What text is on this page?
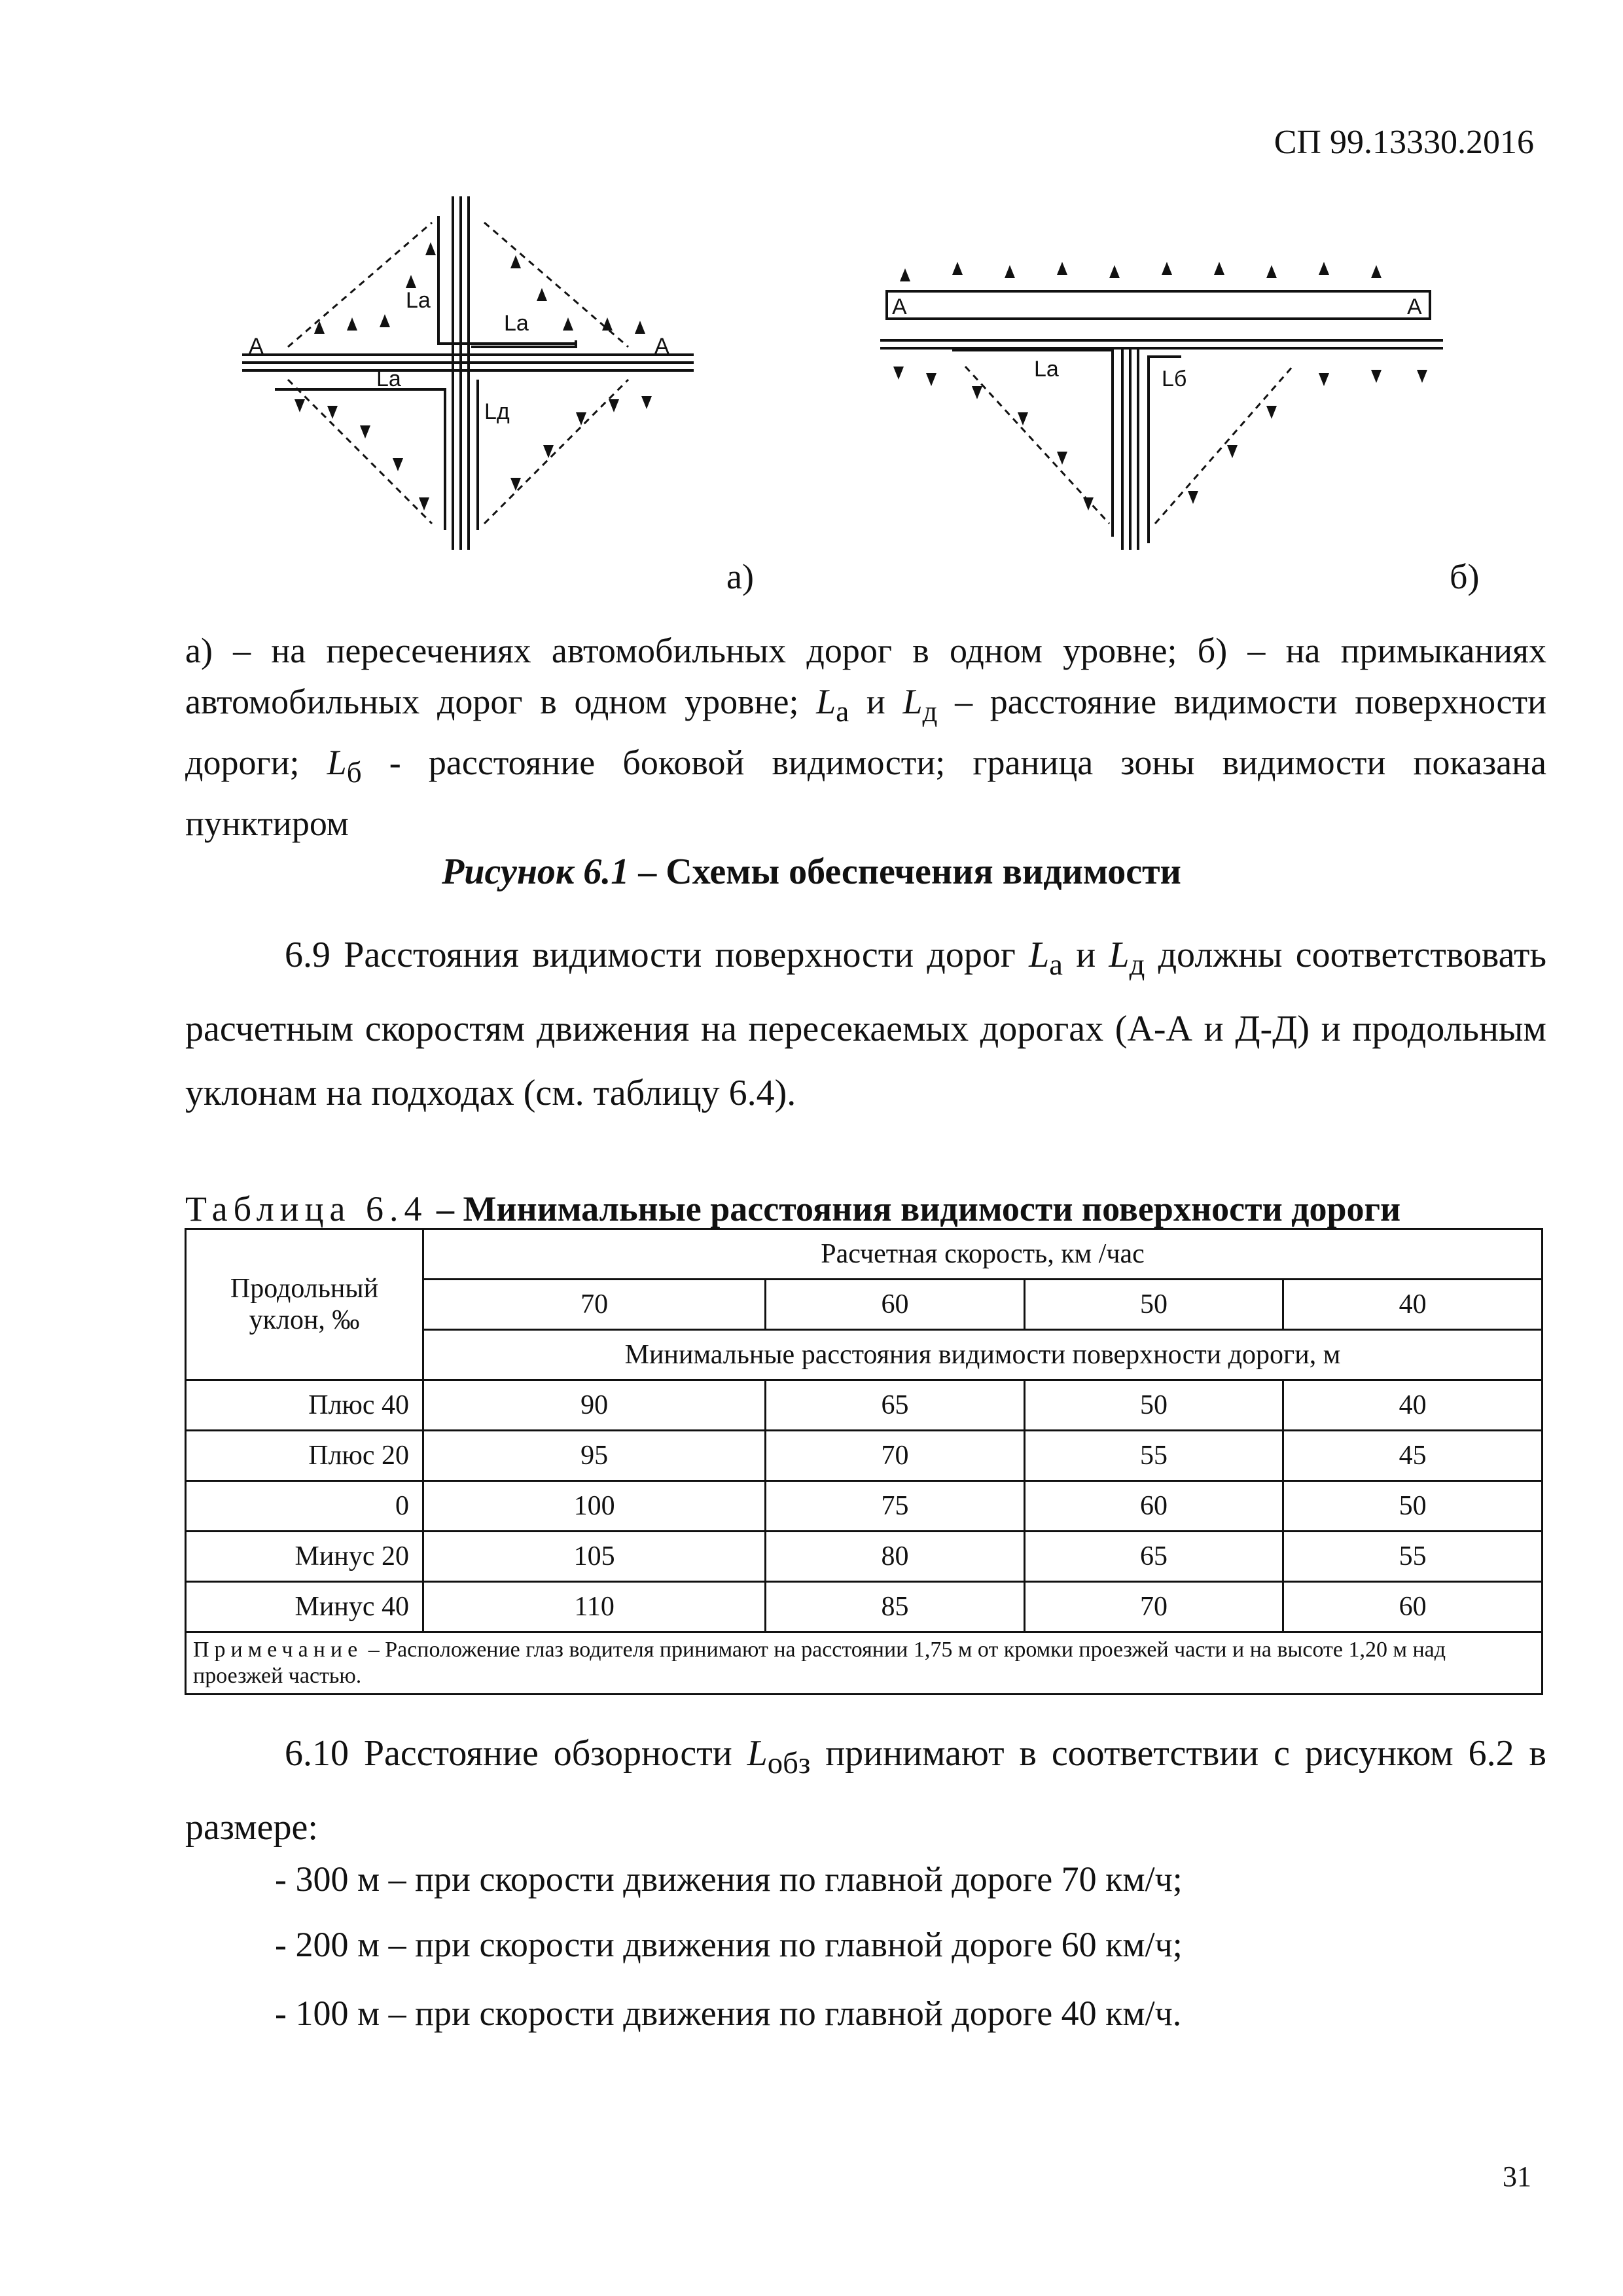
СП 99.13330.2016
A	A
Lа
Lа
Lа
Lд
A	A
Lа	Lб
а)	б)
а) – на пересечениях автомобильных дорог в одном уровне; б) – на примыканиях автомобильных дорог в одном уровне; $L_а$ и $L_д$ – расстояние видимости поверхности дороги; $L_б$ - расстояние боковой видимости; граница зоны видимости показана пунктиром
Рисунок 6.1 – Схемы обеспечения видимости
6.9 Расстояния видимости поверхности дорог $L_а$ и $L_д$ должны соответствовать расчетным скоростям движения на пересекаемых дорогах (А-А и Д-Д) и продольным уклонам на подходах (см. таблицу 6.4).
Таблица 6.4 – Минимальные расстояния видимости поверхности дороги
Продольный уклон, ‰	Расчетная скорость, км /час			
	70	60	50	40
	Минимальные расстояния видимости поверхности дороги, м			
Плюс 40	90	65	50	40
Плюс 20	95	70	55	45
0	100	75	60	50
Минус 20	105	80	65	55
Минус 40	110	85	70	60
Примечание – Расположение глаз водителя принимают на расстоянии 1,75 м от кромки проезжей части и на высоте 1,20 м над проезжей частью.				
6.10 Расстояние обзорности $L_{обз}$ принимают в соответствии с рисунком 6.2 в размере:
- 300 м – при скорости движения по главной дороге 70 км/ч;
- 200 м – при скорости движения по главной дороге 60 км/ч;
- 100 м – при скорости движения по главной дороге 40 км/ч.
31
